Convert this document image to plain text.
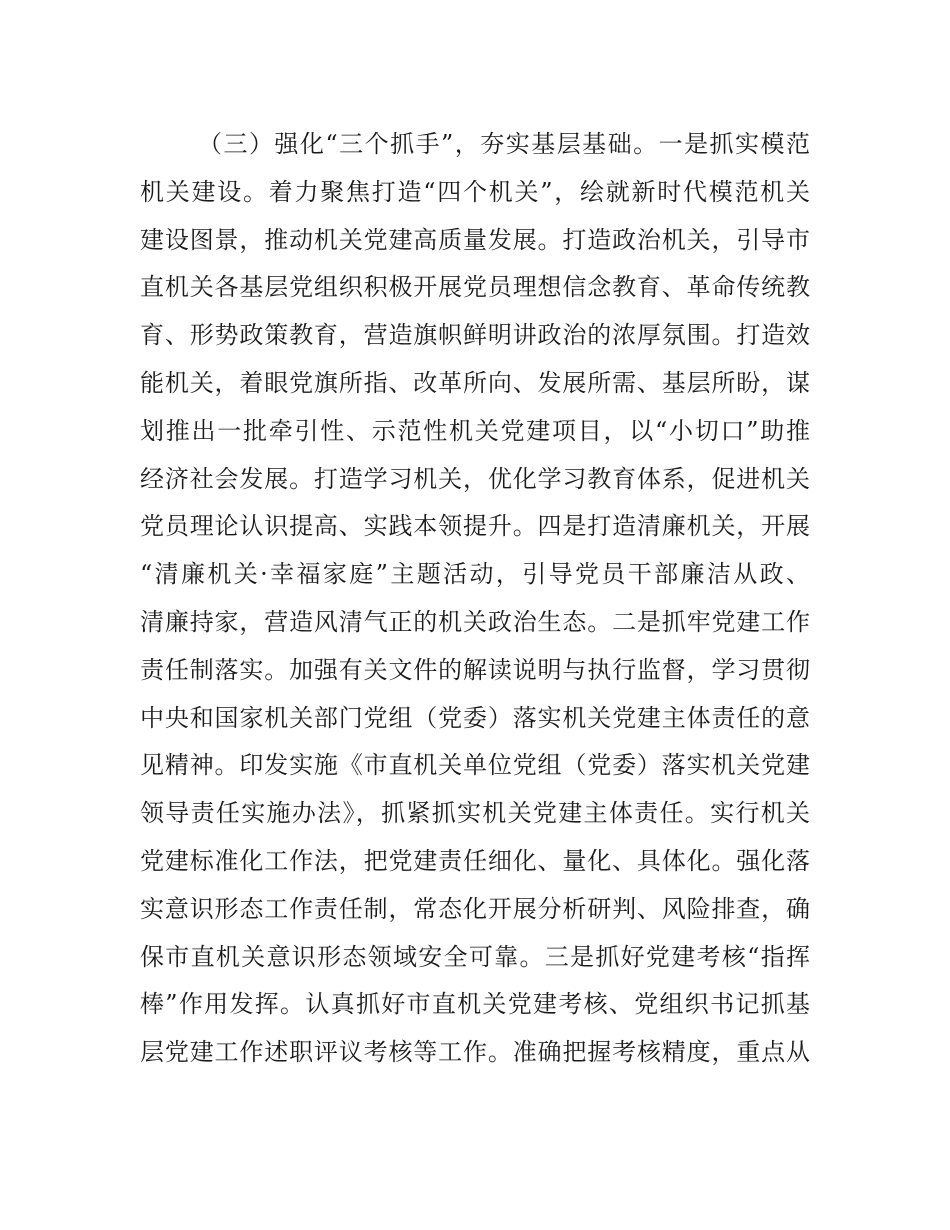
（三）强化“三个抓手”，夯实基层基础。一是抓实模范
机关建设。着力聚焦打造“四个机关”，绘就新时代模范机关
建设图景，推动机关党建高质量发展。打造政治机关，引导市
直机关各基层党组织积极开展党员理想信念教育、革命传统教
育、形势政策教育，营造旗帜鲜明讲政治的浓厚氛围。打造效
能机关，着眼党旗所指、改革所向、发展所需、基层所盼，谋
划推出一批牵引性、示范性机关党建项目，以“小切口”助推
经济社会发展。打造学习机关，优化学习教育体系，促进机关
党员理论认识提高、实践本领提升。四是打造清廉机关，开展
“清廉机关·幸福家庭”主题活动，引导党员干部廉洁从政、
清廉持家，营造风清气正的机关政治生态。二是抓牢党建工作
责任制落实。加强有关文件的解读说明与执行监督，学习贯彻
中央和国家机关部门党组（党委）落实机关党建主体责任的意
见精神。印发实施《市直机关单位党组（党委）落实机关党建
领导责任实施办法》，抓紧抓实机关党建主体责任。实行机关
党建标准化工作法，把党建责任细化、量化、具体化。强化落
实意识形态工作责任制，常态化开展分析研判、风险排查，确
保市直机关意识形态领域安全可靠。三是抓好党建考核“指挥
棒”作用发挥。认真抓好市直机关党建考核、党组织书记抓基
层党建工作述职评议考核等工作。准确把握考核精度，重点从
